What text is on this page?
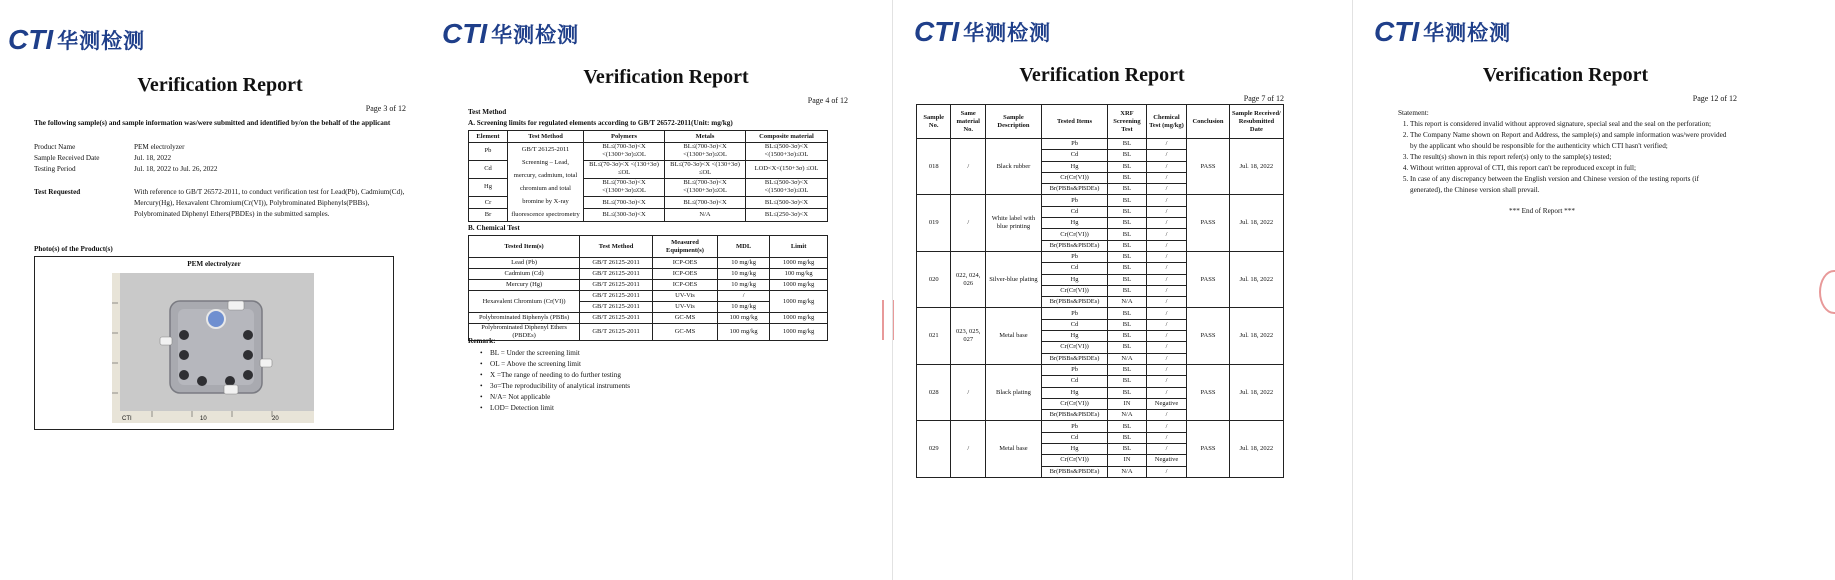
CTI 华测检测
Verification Report
Page 3 of 12
The following sample(s) and sample information was/were submitted and identified by/on the behalf of the applicant
Product Name	PEM electrolyzer
Sample Received Date	Jul. 18, 2022
Testing Period	Jul. 18, 2022 to Jul. 26, 2022
Test Requested	With reference to GB/T 26572-2011, to conduct verification test for Lead(Pb), Cadmium(Cd), Mercury(Hg), Hexavalent Chromium(Cr(VI)), Polybrominated Biphenyls(PBBs), Polybrominated Diphenyl Ethers(PBDEs) in the submitted samples.
Photo(s) of the Product(s)
PEM electrolyzer
CTI	10	20
CTI 华测检测
Verification Report
Page 4 of 12
Test Method
A. Screening limits for regulated elements according to GB/T 26572-2011(Unit: mg/kg)
Element	Test Method	Polymers	Metals	Composite material
Pb	GB/T 26125-2011 Screening – Lead, mercury, cadmium, total chromium and total bromine by X-ray fluorescence spectrometry	BL≤(700-3σ)<X <(1300+3σ)≤OL	BL≤(700-3σ)<X <(1300+3σ)≤OL	BL≤(500-3σ)<X <(1500+3σ)≤OL
Cd		BL≤(70-3σ)<X <(130+3σ) ≤OL	BL≤(70-3σ)<X <(130+3σ) ≤OL	LOD<X<(150+3σ) ≤OL
Hg		BL≤(700-3σ)<X <(1300+3σ)≤OL	BL≤(700-3σ)<X <(1300+3σ)≤OL	BL≤(500-3σ)<X <(1500+3σ)≤OL
Cr		BL≤(700-3σ)<X	BL≤(700-3σ)<X	BL≤(500-3σ)<X
Br		BL≤(300-3σ)<X	N/A	BL≤(250-3σ)<X
B. Chemical Test
Tested Item(s)	Test Method	Measured Equipment(s)	MDL	Limit
Lead (Pb)	GB/T 26125-2011	ICP-OES	10 mg/kg	1000 mg/kg
Cadmium (Cd)	GB/T 26125-2011	ICP-OES	10 mg/kg	100 mg/kg
Mercury (Hg)	GB/T 26125-2011	ICP-OES	10 mg/kg	1000 mg/kg
Hexavalent Chromium (Cr(VI))	GB/T 26125-2011	UV-Vis	/	1000 mg/kg
	GB/T 26125-2011	UV-Vis	10 mg/kg	
Polybrominated Biphenyls (PBBs)	GB/T 26125-2011	GC-MS	100 mg/kg	1000 mg/kg
Polybrominated Diphenyl Ethers (PBDEs)	GB/T 26125-2011	GC-MS	100 mg/kg	1000 mg/kg
Remark:
• BL = Under the screening limit
• OL = Above the screening limit
• X =The range of needing to do further testing
• 3σ=The reproducibility of analytical instruments
• N/A= Not applicable
• LOD= Detection limit
CTI 华测检测
Verification Report
Page 7 of 12
Sample No.	Same material No.	Sample Description	Tested Items	XRF Screening Test	Chemical Test (mg/kg)	Conclusion	Sample Received/ Resubmitted Date
018	/	Black rubber	Pb	BL	/	PASS	Jul. 18, 2022
			Cd	BL	/		
			Hg	BL	/		
			Cr(Cr(VI))	BL	/		
			Br(PBBs&PBDEs)	BL	/		
019	/	White label with blue printing	Pb	BL	/	PASS	Jul. 18, 2022
			Cd	BL	/		
			Hg	BL	/		
			Cr(Cr(VI))	BL	/		
			Br(PBBs&PBDEs)	BL	/		
020	022, 024, 026	Silver-blue plating	Pb	BL	/	PASS	Jul. 18, 2022
			Cd	BL	/		
			Hg	BL	/		
			Cr(Cr(VI))	BL	/		
			Br(PBBs&PBDEs)	N/A	/		
021	023, 025, 027	Metal base	Pb	BL	/	PASS	Jul. 18, 2022
			Cd	BL	/		
			Hg	BL	/		
			Cr(Cr(VI))	BL	/		
			Br(PBBs&PBDEs)	N/A	/		
028	/	Black plating	Pb	BL	/	PASS	Jul. 18, 2022
			Cd	BL	/		
			Hg	BL	/		
			Cr(Cr(VI))	IN	Negative		
			Br(PBBs&PBDEs)	N/A	/		
029	/	Metal base	Pb	BL	/	PASS	Jul. 18, 2022
			Cd	BL	/		
			Hg	BL	/		
			Cr(Cr(VI))	IN	Negative		
			Br(PBBs&PBDEs)	N/A	/		
CTI 华测检测
Verification Report
Page 12 of 12
Statement:
1. This report is considered invalid without approved signature, special seal and the seal on the perforation;
2. The Company Name shown on Report and Address, the sample(s) and sample information was/were provided by the applicant who should be responsible for the authenticity which CTI hasn't verified;
3. The result(s) shown in this report refer(s) only to the sample(s) tested;
4. Without written approval of CTI, this report can't be reproduced except in full;
5. In case of any discrepancy between the English version and Chinese version of the testing reports (if generated), the Chinese version shall prevail.
*** End of Report ***
